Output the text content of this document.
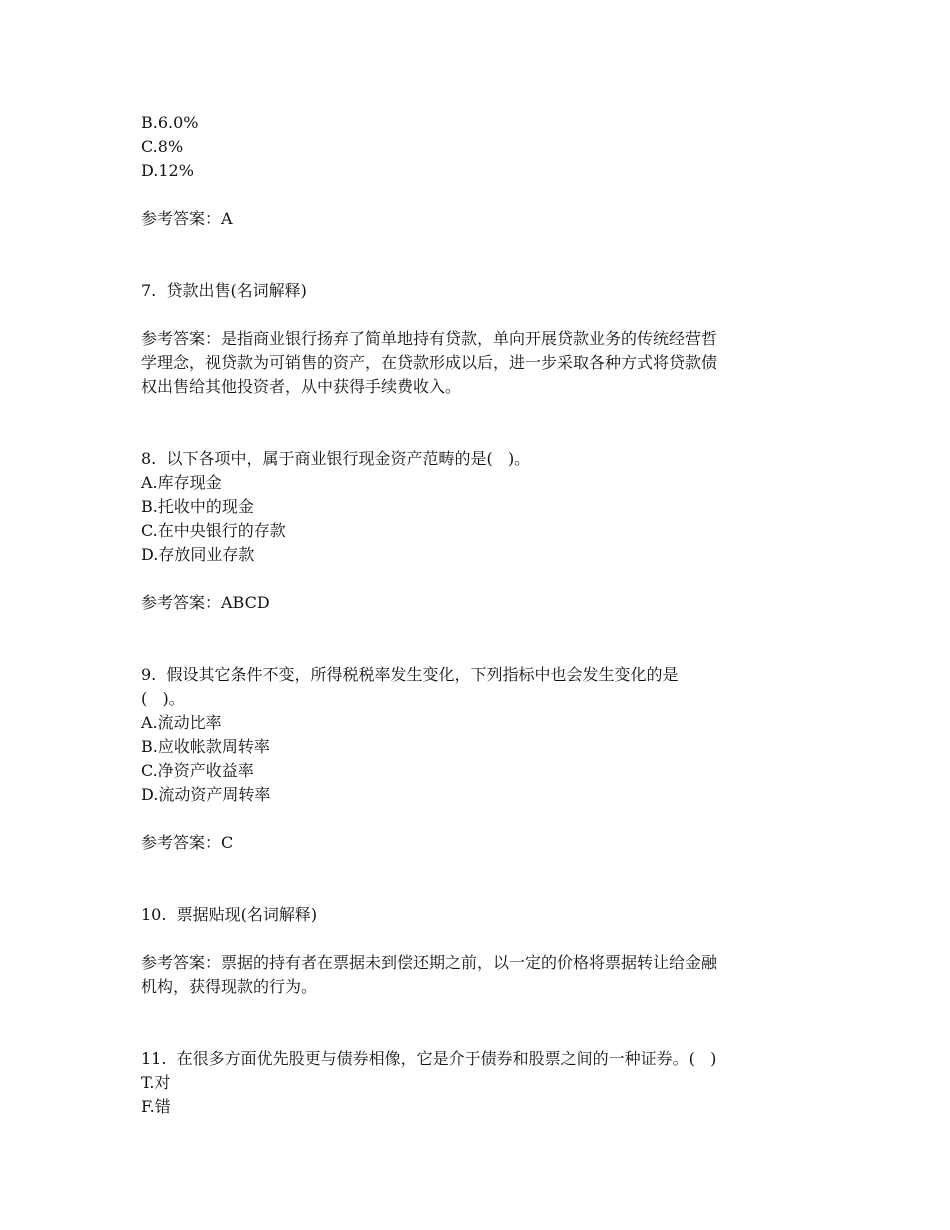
B.6.0%
C.8%
D.12%
参考答案：A
7.  贷款出售(名词解释)
参考答案：是指商业银行扬弃了简单地持有贷款，单向开展贷款业务的传统经营哲
学理念，视贷款为可销售的资产，在贷款形成以后，进一步采取各种方式将贷款债
权出售给其他投资者，从中获得手续费收入。
8.  以下各项中，属于商业银行现金资产范畴的是(   )。
A.库存现金
B.托收中的现金
C.在中央银行的存款
D.存放同业存款
参考答案：ABCD
9.  假设其它条件不变，所得税税率发生变化，下列指标中也会发生变化的是
(   )。
A.流动比率
B.应收帐款周转率
C.净资产收益率
D.流动资产周转率
参考答案：C
10.  票据贴现(名词解释)
参考答案：票据的持有者在票据未到偿还期之前，以一定的价格将票据转让给金融
机构，获得现款的行为。
11.  在很多方面优先股更与债券相像，它是介于债券和股票之间的一种证券。(   )
T.对
F.错
